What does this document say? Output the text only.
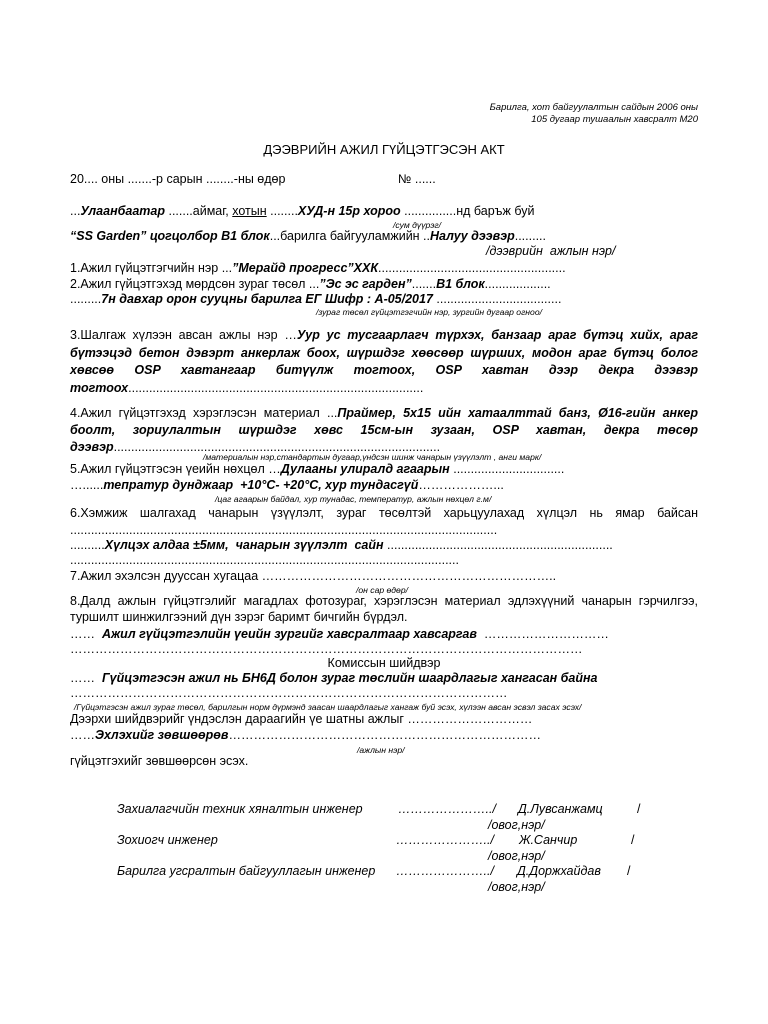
Барилга, хот байгуулалтын сайдын 2006 оны
105 дугаар тушаалын хавсралт М20
ДЭЭВРИЙН АЖИЛ ГҮЙЦЭТГЭСЭН АКТ
20.... оны .......-р сарын ........-ны өдөр	№ ......
...Улаанбаатар .......аймаг, хотын ........ХУД-н 15р хороо ...............нд баръж буй
/сум дүүрэг/
“SS Garden” цогцолбор В1 блок...барилга байгууламжийн ..Налуу дээвэр.........
/дээврийн  ажлын нэр/
1.Ажил гүйцэтгэгчийн нэр ...”Мерайд прогресс”ХХК......................................................
2.Ажил гүйцэтгэхэд мөрдсөн зураг төсөл ...”Эс эс гарден”.......В1 блок...................
.........7н давхар орон сууцны барилга ЕГ Шифр : А-05/2017 ....................................
/зураг төсөл гүйцэтгэгчийн нэр, зургийн дугаар огноо/
3.Шалгаж хүлээн авсан ажлы нэр …Уур ус тусгаарлагч түрхэх, банзаар араг бүтэц хийх, араг бүтээцэд бетон дэвэрт анкерлаж боох, шүршдэг хөөсөөр шүрших, модон араг бүтэц болог хөвсөө OSP хавтангаар битүүлж тогтоох, OSP хавтан дээр декра дээвэр тогтоох.....................................................................................
4.Ажил гүйцэтгэхэд хэрэглэсэн материал ...Праймер, 5х15 ийн хатаалттай банз, Ø16-гийн анкер боолт, зориулалтын шүршдэг хөвс 15см-ын зузаан, OSP хавтан, декра төсөр дээвэр..............................................................................................
/материалын нэр,стандартын дугаар,үндсэн шинж чанарын үзүүлэлт , анги марк/
5.Ажил гүйцэтгэсэн үеийн нөхцөл …Дулааны улиралд агаарын ................................
…......тепратур дунджаар  +10°C- +20°C, хур тундасгүй………………...
/цаг агаарын байдал, хур тунадас, температур, ажлын нөхцөл г.м/
6.Хэмжиж шалгахад чанарын үзүүлэлт, зураг төсөлтэй харьцуулахад хүлцэл нь ямар байсан ...........................................................................................................................
..........Хүлцэх алдаа ±5мм,  чанарын зүүлэлт  сайн .................................................................
................................................................................................................
7.Ажил эхэлсэн дууссан хугацаа ……………………………………………………………..
/он сар өдөр/
8.Далд ажлын гүйцэтгэлийг магадлах фотозураг, хэрэглэсэн материал эдлэхүүний чанарын гэрчилгээ, туршилт шинжилгээний дүн зэрэг баримт бичгийн бүрдэл.
……  Ажил гүйцэтгэлийн үеийн зургийг хавсралтаар хавсаргав  …………………………
……………………………………………………………………………………………………………
Комиссын шийдвэр
……  Гүйцэтгэсэн ажил нь БН6Д болон зураг төслийн шаардлагыг хангасан байна
……………………………………………………………………………………………
/Гүйцэтгэсэн ажил зураг төсөл, барилгын норм дүрмэнд заасан шаардлагыг хангаж буй эсэх, хүлээн авсан эсвэл засах эсэх/
Дээрхи шийдвэрийг үндэслэн дараагийн үе шатны ажлыг …………………………
……Эхлэхийг зөвшөөрөв…………………………………………………………………
/ажлын нэр/
гүйцэтгэхийг зөвшөөрсөн эсэх.
Захиалагчийн техник хяналтын инженер	…………………../ Д.Лувсанжамц	/
/овог,нэр/
Зохиогч инженер	…………………../ Ж.Санчир	/
/овог,нэр/
Барилга угсрaлтын байгууллагын инженер …………………../ Д.Доржхайдав /
/овог,нэр/
